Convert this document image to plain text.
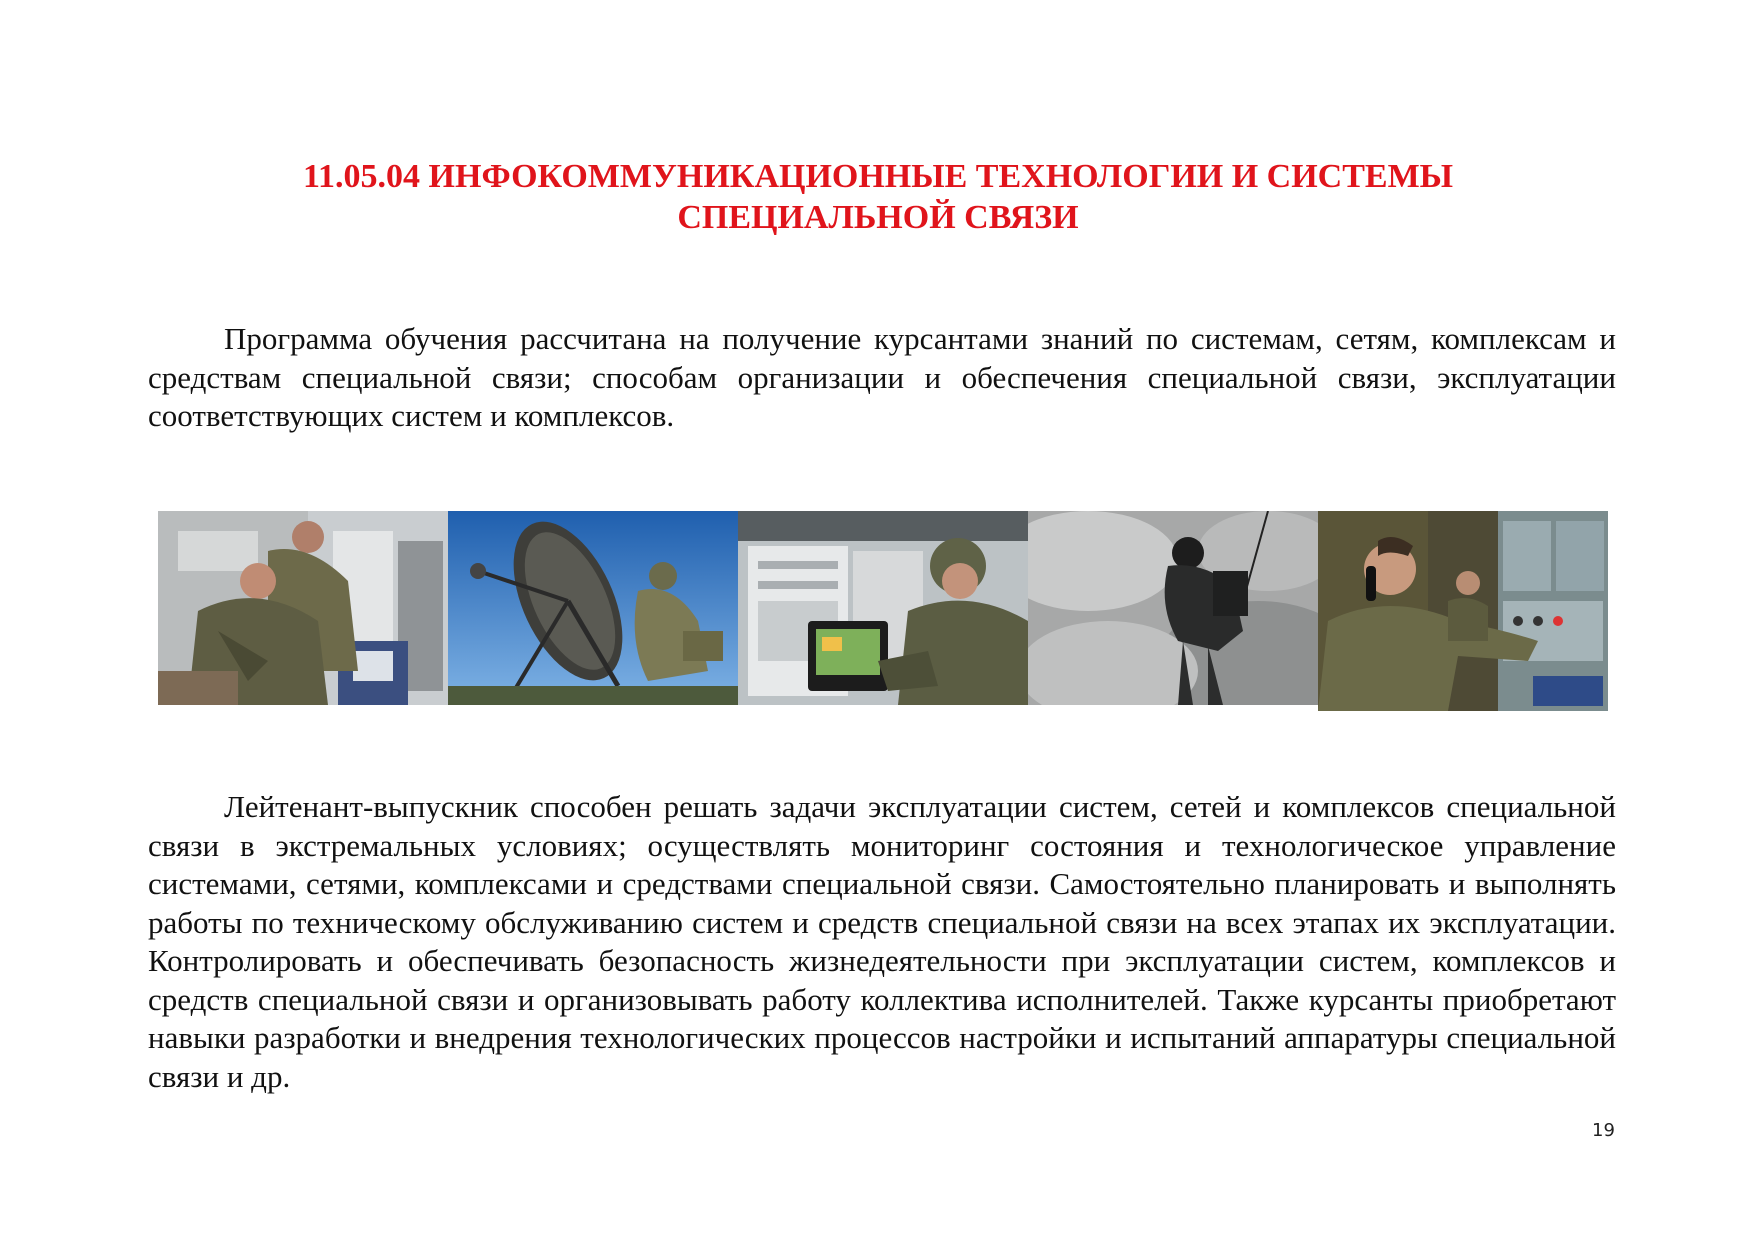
11.05.04 ИНФОКОММУНИКАЦИОННЫЕ ТЕХНОЛОГИИ И СИСТЕМЫ
СПЕЦИАЛЬНОЙ СВЯЗИ

Программа обучения рассчитана на получение курсантами знаний по системам, сетям, комплексам и средствам специальной связи; способам организации и обеспечения специальной связи, эксплуатации соответствующих систем и комплексов.

Лейтенант-выпускник способен решать задачи эксплуатации систем, сетей и комплексов специальной связи в экстремальных условиях; осуществлять мониторинг состояния и технологическое управление системами, сетями, комплексами и средствами специальной связи. Самостоятельно планировать и выполнять работы по техническому обслуживанию систем и средств специальной связи на всех этапах их эксплуатации. Контролировать и обеспечивать безопасность жизнедеятельности при эксплуатации систем, комплексов и средств специальной связи и организовывать работу коллектива исполнителей. Также курсанты приобретают навыки разработки и внедрения технологических процессов настройки и испытаний аппаратуры специальной связи и др.

19
